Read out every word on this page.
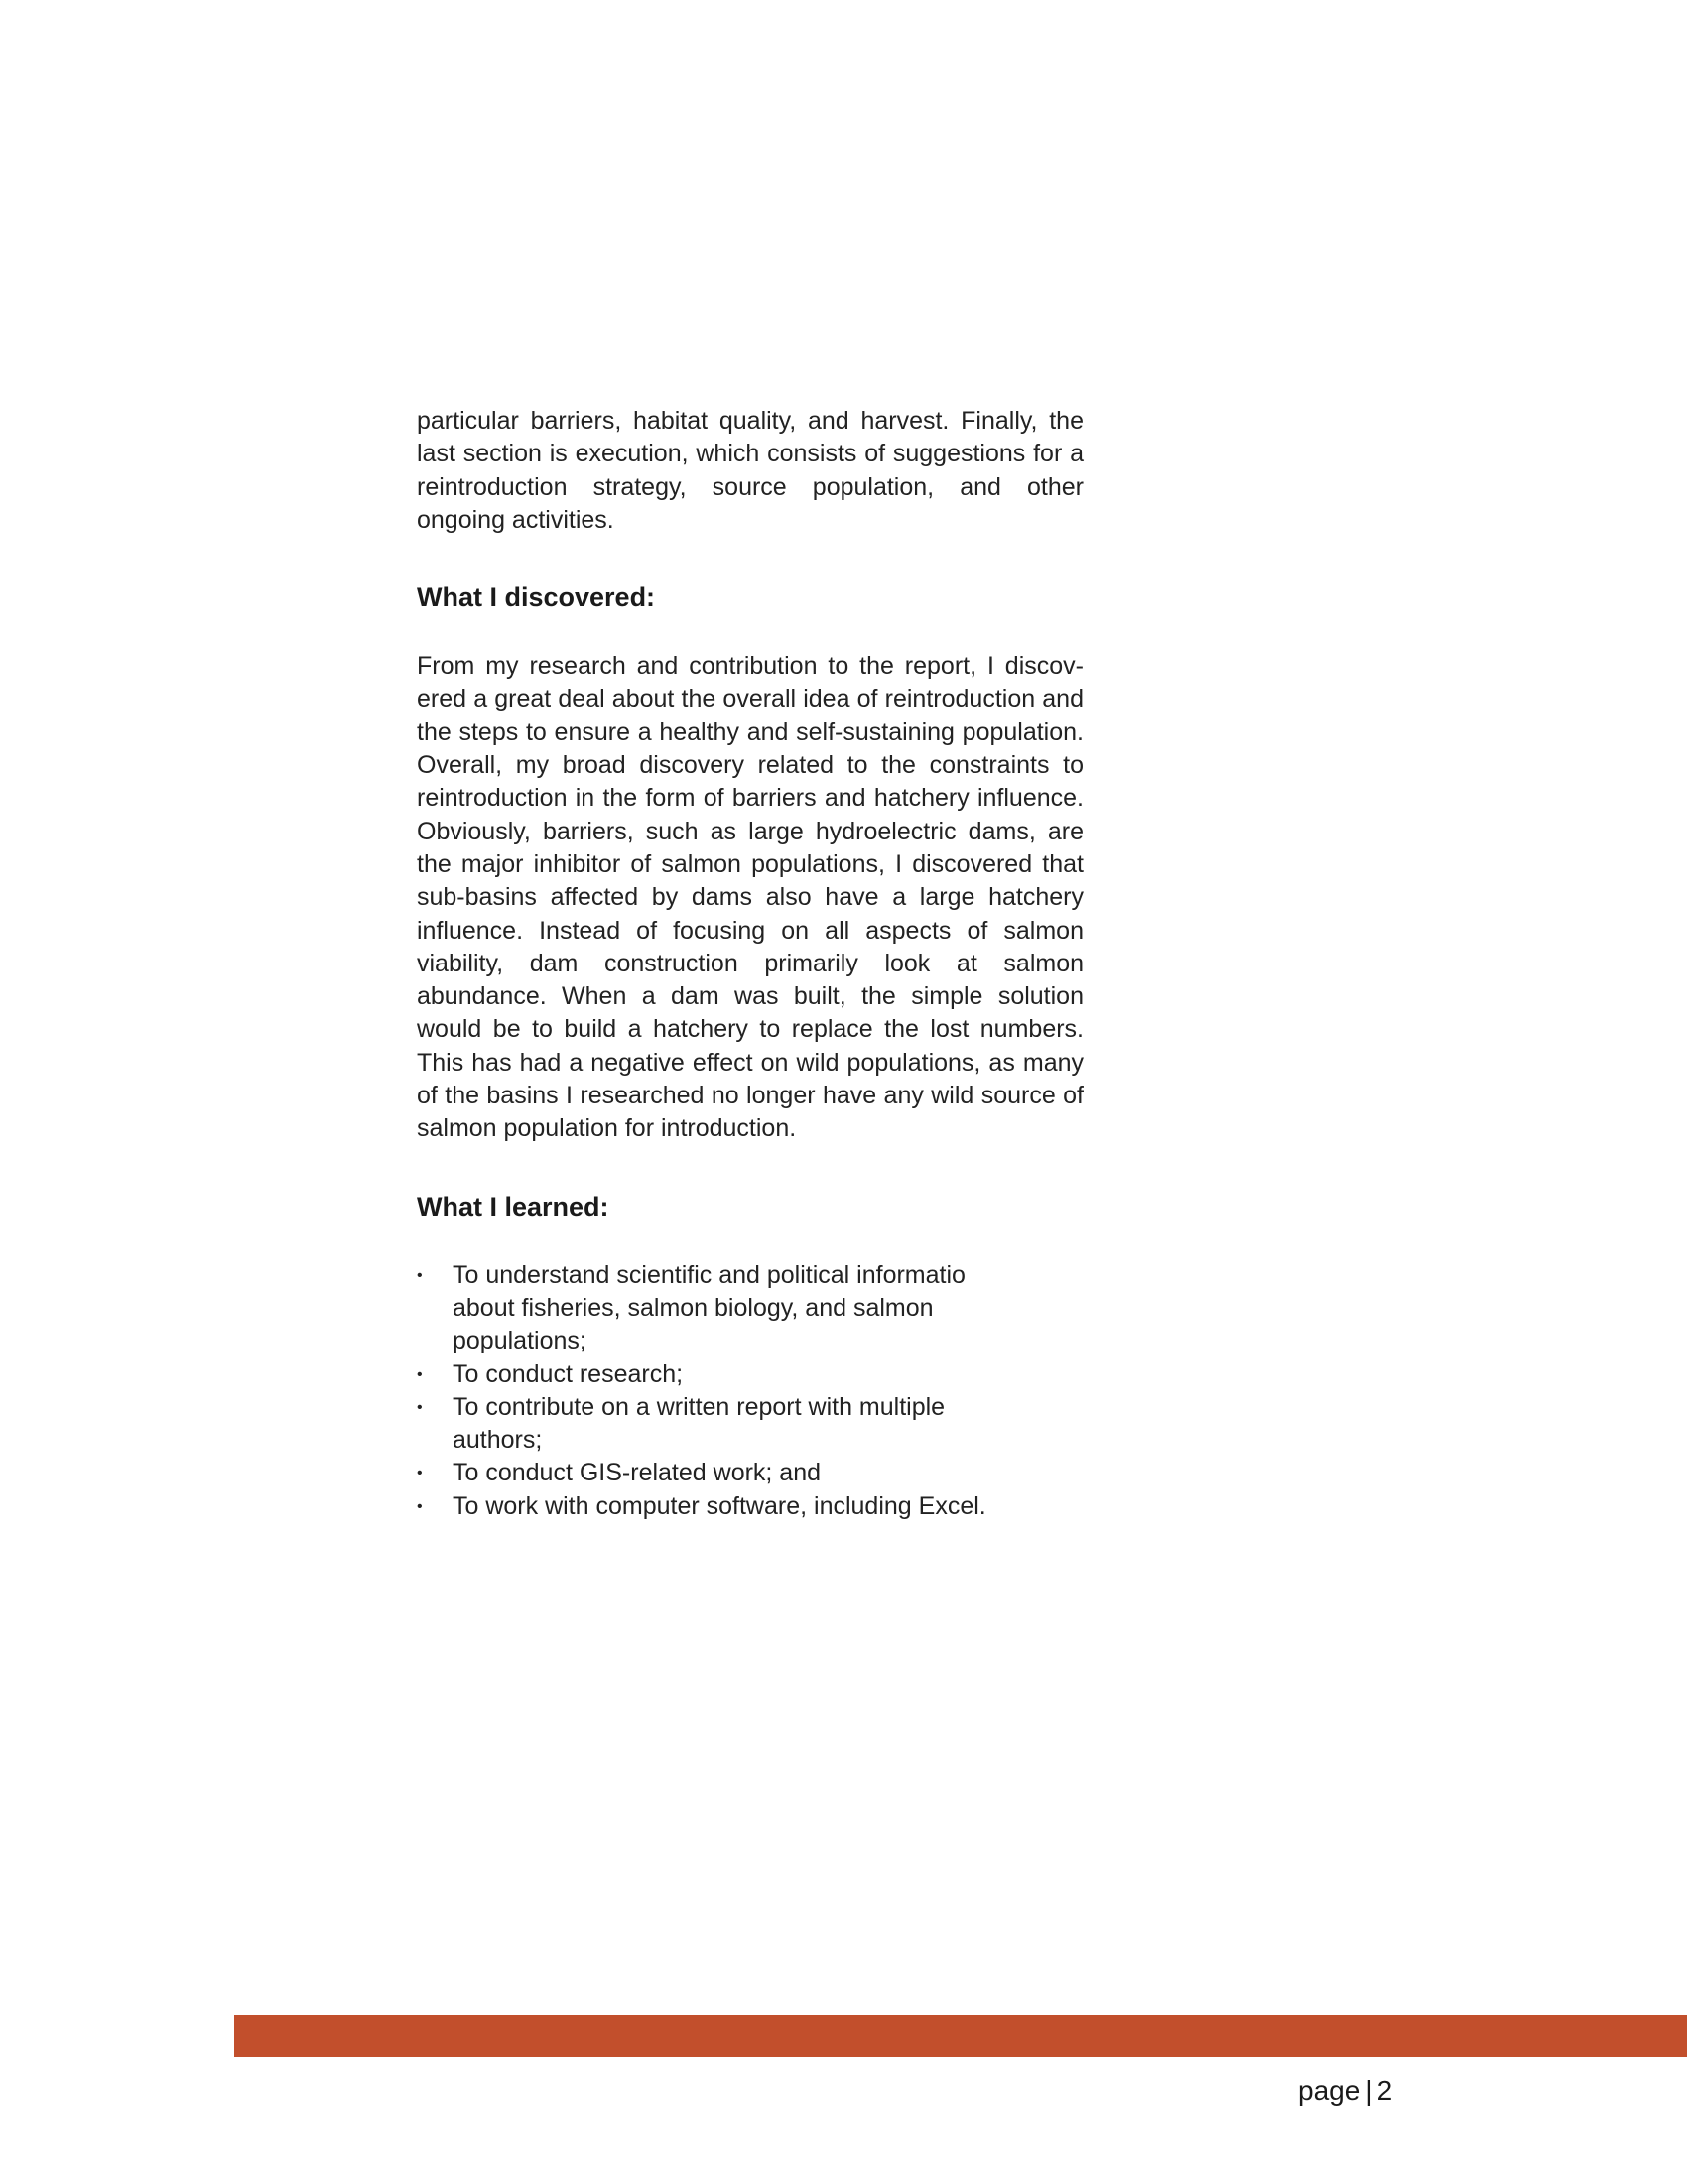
particular barriers, habitat quality, and harvest. Finally, the last section is execution, which consists of suggestions for a reintroduction strategy, source population, and other ongoing activities.

What I discovered:

From my research and contribution to the report, I discovered a great deal about the overall idea of reintroduction and the steps to ensure a healthy and self-sustaining population. Overall, my broad discovery related to the constraints to reintroduction in the form of barriers and hatchery influence. Obviously, barriers, such as large hydroelectric dams, are the major inhibitor of salmon populations, I discovered that sub-basins affected by dams also have a large hatchery influence. Instead of focusing on all aspects of salmon viability, dam construction primarily look at salmon abundance. When a dam was built, the simple solution would be to build a hatchery to replace the lost numbers. This has had a negative effect on wild populations, as many of the basins I researched no longer have any wild source of salmon population for introduction.

What I learned:
• To understand scientific and political informatio about fisheries, salmon biology, and salmon populations;
• To conduct research;
• To contribute on a written report with multiple authors;
• To conduct GIS-related work; and
• To work with computer software, including Excel.
page | 2
